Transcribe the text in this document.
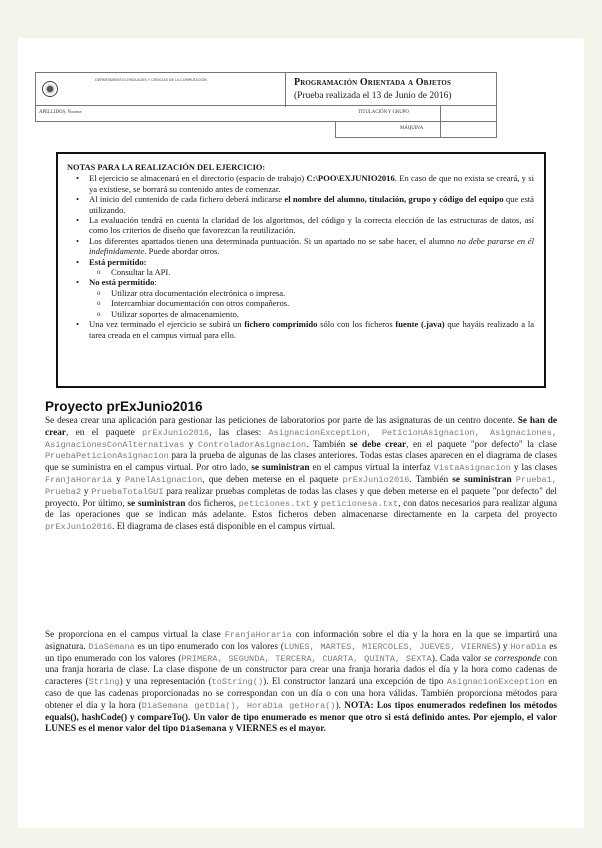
DEPARTAMENTO LENGUAJES Y CIENCIAS DE LA COMPUTACIÓN	Programación Orientada a Objetos
(Prueba realizada el 13 de Junio de 2016)
APELLIDOS, Nombre	TITULACIÓN Y GRUPO
MÁQUINA
NOTAS PARA LA REALIZACIÓN DEL EJERCICIO:
• El ejercicio se almacenará en el directorio (espacio de trabajo) C:\POO\EXJUNIO2016. En caso de que no exista se creará, y si ya existiese, se borrará su contenido antes de comenzar.
• Al inicio del contenido de cada fichero deberá indicarse el nombre del alumno, titulación, grupo y código del equipo que está utilizando.
• La evaluación tendrá en cuenta la claridad de los algoritmos, del código y la correcta elección de las estructuras de datos, así como los criterios de diseño que favorezcan la reutilización.
• Los diferentes apartados tienen una determinada puntuación. Si un apartado no se sabe hacer, el alumno no debe pararse en él indefinidamente. Puede abordar otros.
• Está permitido:
o Consultar la API.
• No está permitido:
o Utilizar otra documentación electrónica o impresa.
o Intercambiar documentación con otros compañeros.
o Utilizar soportes de almacenamiento.
• Una vez terminado el ejercicio se subirá un fichero comprimido sólo con los ficheros fuente (.java) que hayáis realizado a la tarea creada en el campus virtual para ello.
Proyecto prExJunio2016
Se desea crear una aplicación para gestionar las peticiones de laboratorios por parte de las asignaturas de un centro docente. Se han de crear, en el paquete prExJunio2016, las clases: AsignacionException, PeticionAsignacion, Asignaciones, AsignacionesConAlternativas y ControladorAsignacion. También se debe crear, en el paquete "por defecto" la clase PruebaPeticionAsignacion para la prueba de algunas de las clases anteriores. Todas estas clases aparecen en el diagrama de clases que se suministra en el campus virtual. Por otro lado, se suministran en el campus virtual la interfaz VistaAsignacion y las clases FranjaHoraria y PanelAsignacion, que deben meterse en el paquete prExJunio2016. También se suministran Prueba1, Prueba2 y PruebaTotalGUI para realizar pruebas completas de todas las clases y que deben meterse en el paquete "por defecto" del proyecto. Por último, se suministran dos ficheros, peticiones.txt y peticionesa.txt, con datos necesarios para realizar alguna de las operaciones que se indican más adelante. Estos ficheros deben almacenarse directamente en la carpeta del proyecto prExJunio2016. El diagrama de clases está disponible en el campus virtual.
Se proporciona en el campus virtual la clase FranjaHoraria con información sobre el día y la hora en la que se impartirá una asignatura. DiaSemana es un tipo enumerado con los valores (LUNES, MARTES, MIERCOLES, JUEVES, VIERNES) y HoraDia es un tipo enumerado con los valores (PRIMERA, SEGUNDA, TERCERA, CUARTA, QUINTA, SEXTA). Cada valor se corresponde con una franja horaria de clase. La clase dispone de un constructor para crear una franja horaria dados el día y la hora como cadenas de caracteres (String) y una representación (toString()). El constructor lanzará una excepción de tipo AsignacionException en caso de que las cadenas proporcionadas no se correspondan con un día o con una hora válidas. También proporciona métodos para obtener el día y la hora (DiaSemana getDia(), HoraDia getHora()). NOTA: Los tipos enumerados redefinen los métodos equals(), hashCode() y compareTo(). Un valor de tipo enumerado es menor que otro si está definido antes. Por ejemplo, el valor LUNES es el menor valor del tipo DiaSemana y VIERNES es el mayor.
